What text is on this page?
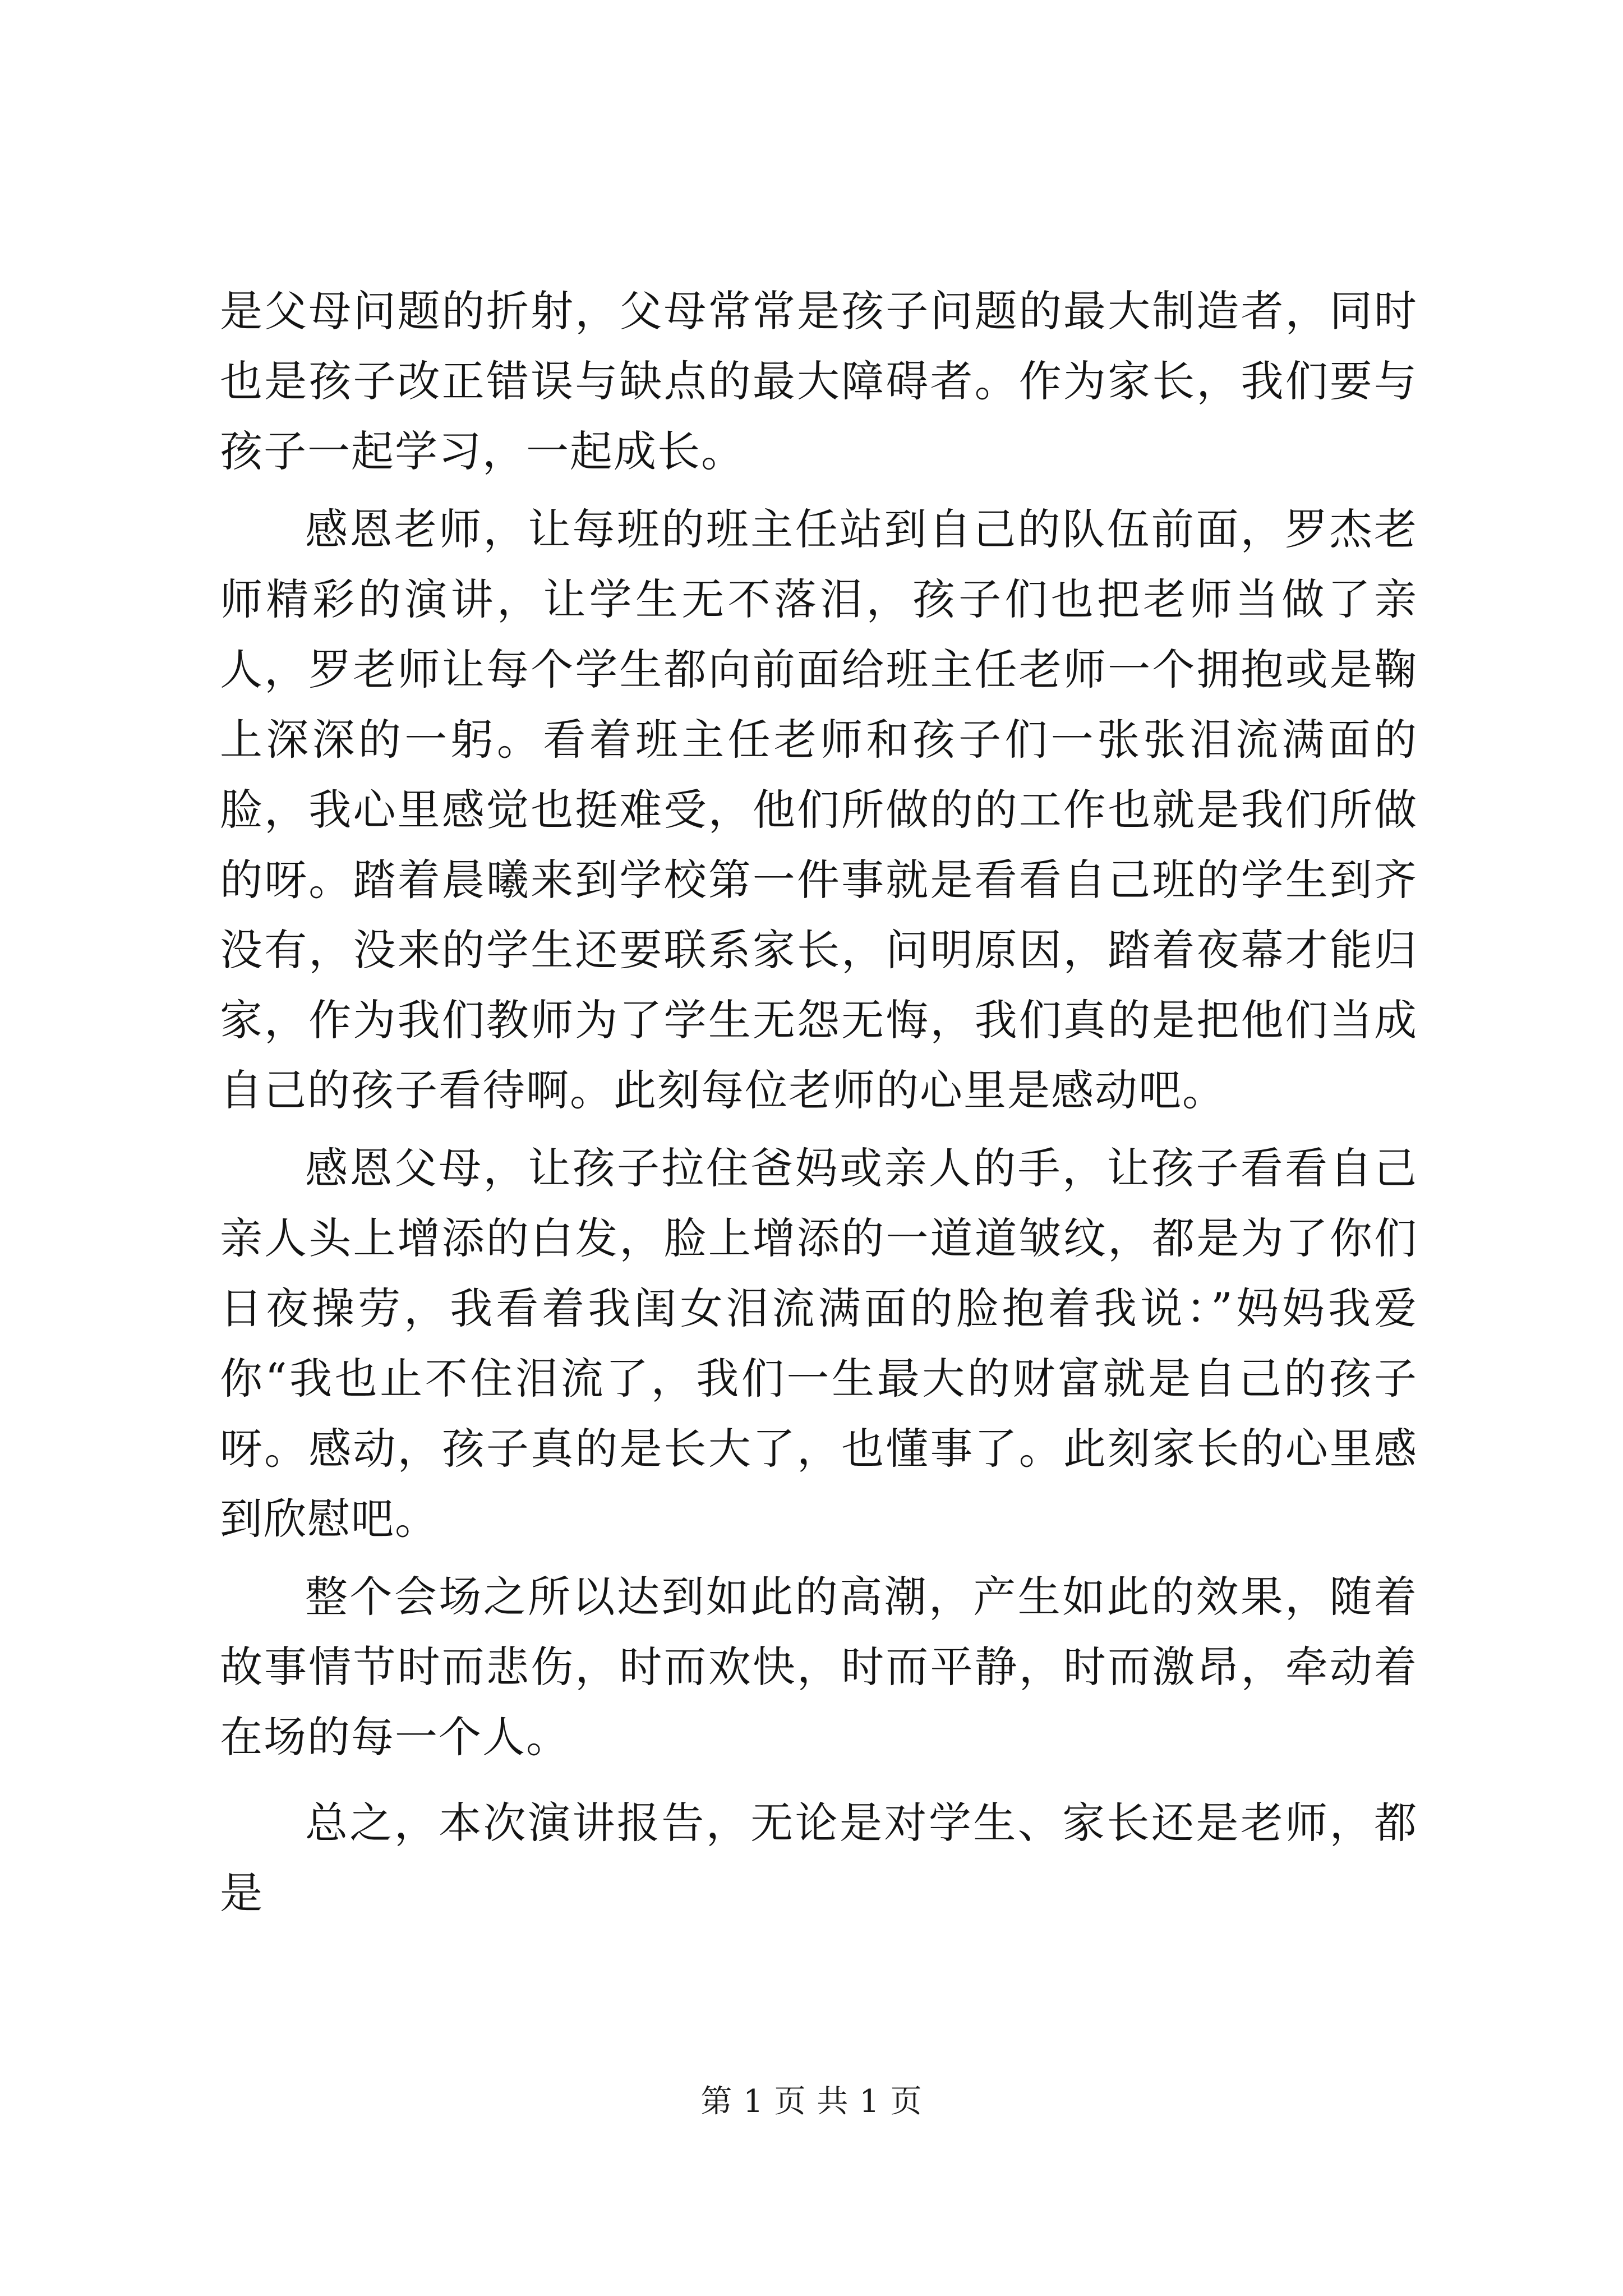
是父母问题的折射，父母常常是孩子问题的最大制造者，同时也是孩子改正错误与缺点的最大障碍者。作为家长，我们要与孩子一起学习，一起成长。

感恩老师，让每班的班主任站到自己的队伍前面，罗杰老师精彩的演讲，让学生无不落泪，孩子们也把老师当做了亲人，罗老师让每个学生都向前面给班主任老师一个拥抱或是鞠上深深的一躬。看着班主任老师和孩子们一张张泪流满面的脸，我心里感觉也挺难受，他们所做的的工作也就是我们所做的呀。踏着晨曦来到学校第一件事就是看看自己班的学生到齐没有，没来的学生还要联系家长，问明原因，踏着夜幕才能归家，作为我们教师为了学生无怨无悔，我们真的是把他们当成自己的孩子看待啊。此刻每位老师的心里是感动吧。

感恩父母，让孩子拉住爸妈或亲人的手，让孩子看看自己亲人头上增添的白发，脸上增添的一道道皱纹，都是为了你们日夜操劳，我看着我闺女泪流满面的脸抱着我说：”妈妈我爱你“我也止不住泪流了，我们一生最大的财富就是自己的孩子呀。感动，孩子真的是长大了，也懂事了。此刻家长的心里感到欣慰吧。

整个会场之所以达到如此的高潮，产生如此的效果，随着故事情节时而悲伤，时而欢快，时而平静，时而激昂，牵动着在场的每一个人。

总之，本次演讲报告，无论是对学生、家长还是老师，都是

第 1 页 共 1 页
